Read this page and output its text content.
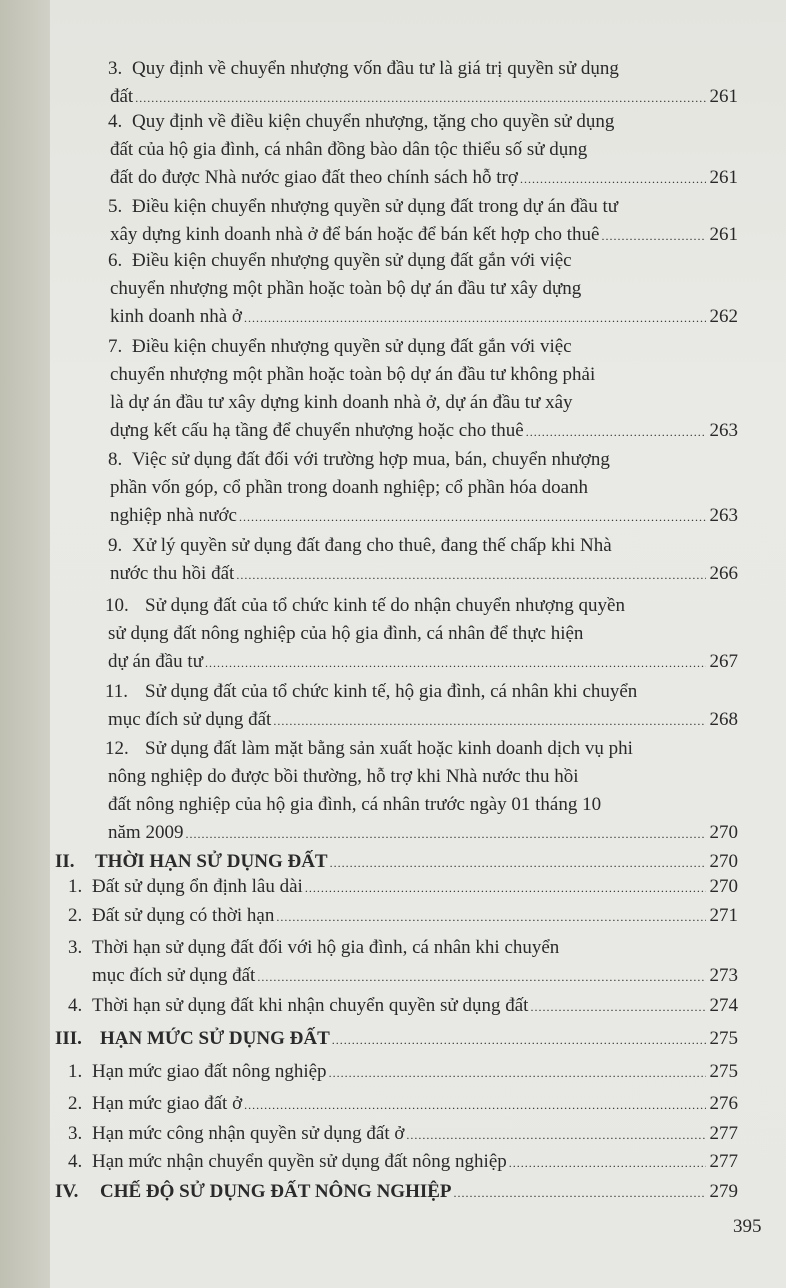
3. Quy định về chuyển nhượng vốn đầu tư là giá trị quyền sử dụng
đất .....	261
4. Quy định về điều kiện chuyển nhượng, tặng cho quyền sử dụng
đất của hộ gia đình, cá nhân đồng bào dân tộc thiểu số sử dụng
đất do được Nhà nước giao đất theo chính sách hỗ trợ .....	261
5. Điều kiện chuyển nhượng quyền sử dụng đất trong dự án đầu tư
xây dựng kinh doanh nhà ở để bán hoặc để bán kết hợp cho thuê .....	261
6. Điều kiện chuyển nhượng quyền sử dụng đất gắn với việc
chuyển nhượng một phần hoặc toàn bộ dự án đầu tư xây dựng
kinh doanh nhà ở .....	262
7. Điều kiện chuyển nhượng quyền sử dụng đất gắn với việc
chuyển nhượng một phần hoặc toàn bộ dự án đầu tư không phải
là dự án đầu tư xây dựng kinh doanh nhà ở, dự án đầu tư xây
dựng kết cấu hạ tầng để chuyển nhượng hoặc cho thuê .....	263
8. Việc sử dụng đất đối với trường hợp mua, bán, chuyển nhượng
phần vốn góp, cổ phần trong doanh nghiệp; cổ phần hóa doanh
nghiệp nhà nước .....	263
9. Xử lý quyền sử dụng đất đang cho thuê, đang thế chấp khi Nhà
nước thu hồi đất .....	266
10. Sử dụng đất của tổ chức kinh tế do nhận chuyển nhượng quyền
sử dụng đất nông nghiệp của hộ gia đình, cá nhân để thực hiện
dự án đầu tư .....	267
11. Sử dụng đất của tổ chức kinh tế, hộ gia đình, cá nhân khi chuyển
mục đích sử dụng đất .....	268
12. Sử dụng đất làm mặt bằng sản xuất hoặc kinh doanh dịch vụ phi
nông nghiệp do được bồi thường, hỗ trợ khi Nhà nước thu hồi
đất nông nghiệp của hộ gia đình, cá nhân trước ngày 01 tháng 10
năm 2009 .....	270
II.	THỜI HẠN SỬ DỤNG ĐẤT .....	270
1. Đất sử dụng ổn định lâu dài .....	270
2. Đất sử dụng có thời hạn .....	271
3. Thời hạn sử dụng đất đối với hộ gia đình, cá nhân khi chuyển
mục đích sử dụng đất .....	273
4. Thời hạn sử dụng đất khi nhận chuyển quyền sử dụng đất .....	274
III. HẠN MỨC SỬ DỤNG ĐẤT .....	275
1. Hạn mức giao đất nông nghiệp .....	275
2. Hạn mức giao đất ở .....	276
3. Hạn mức công nhận quyền sử dụng đất ở .....	277
4. Hạn mức nhận chuyển quyền sử dụng đất nông nghiệp .....	277
IV.	CHẾ ĐỘ SỬ DỤNG ĐẤT NÔNG NGHIỆP .....	279
395
